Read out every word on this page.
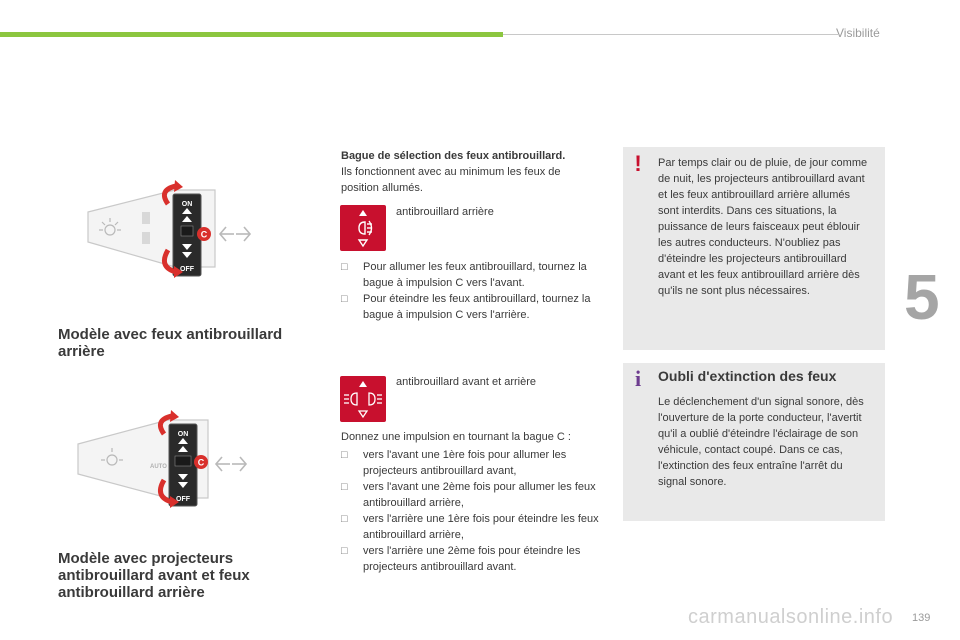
Visibilité
5
ON
OFF
C
Modèle avec feux antibrouillard arrière
AUTO
ON
OFF
C
Modèle avec projecteurs antibrouillard avant et feux antibrouillard arrière
Bague de sélection des feux antibrouillard.
Ils fonctionnent avec au minimum les feux de position allumés.
antibrouillard arrière
□ Pour allumer les feux antibrouillard, tournez la bague à impulsion C vers l'avant.
□ Pour éteindre les feux antibrouillard, tournez la bague à impulsion C vers l'arrière.
antibrouillard avant et arrière
Donnez une impulsion en tournant la bague C :
□ vers l'avant une 1ère fois pour allumer les projecteurs antibrouillard avant,
□ vers l'avant une 2ème fois pour allumer les feux antibrouillard arrière,
□ vers l'arrière une 1ère fois pour éteindre les feux antibrouillard arrière,
□ vers l'arrière une 2ème fois pour éteindre les projecteurs antibrouillard avant.
!	Par temps clair ou de pluie, de jour comme de nuit, les projecteurs antibrouillard avant et les feux antibrouillard arrière allumés sont interdits. Dans ces situations, la puissance de leurs faisceaux peut éblouir les autres conducteurs. N'oubliez pas d'éteindre les projecteurs antibrouillard avant et les feux antibrouillard arrière dès qu'ils ne sont plus nécessaires.
i Oubli d'extinction des feux
Le déclenchement d'un signal sonore, dès l'ouverture de la porte conducteur, l'avertit qu'il a oublié d'éteindre l'éclairage de son véhicule, contact coupé. Dans ce cas, l'extinction des feux entraîne l'arrêt du signal sonore.
carmanualsonline.info 139
